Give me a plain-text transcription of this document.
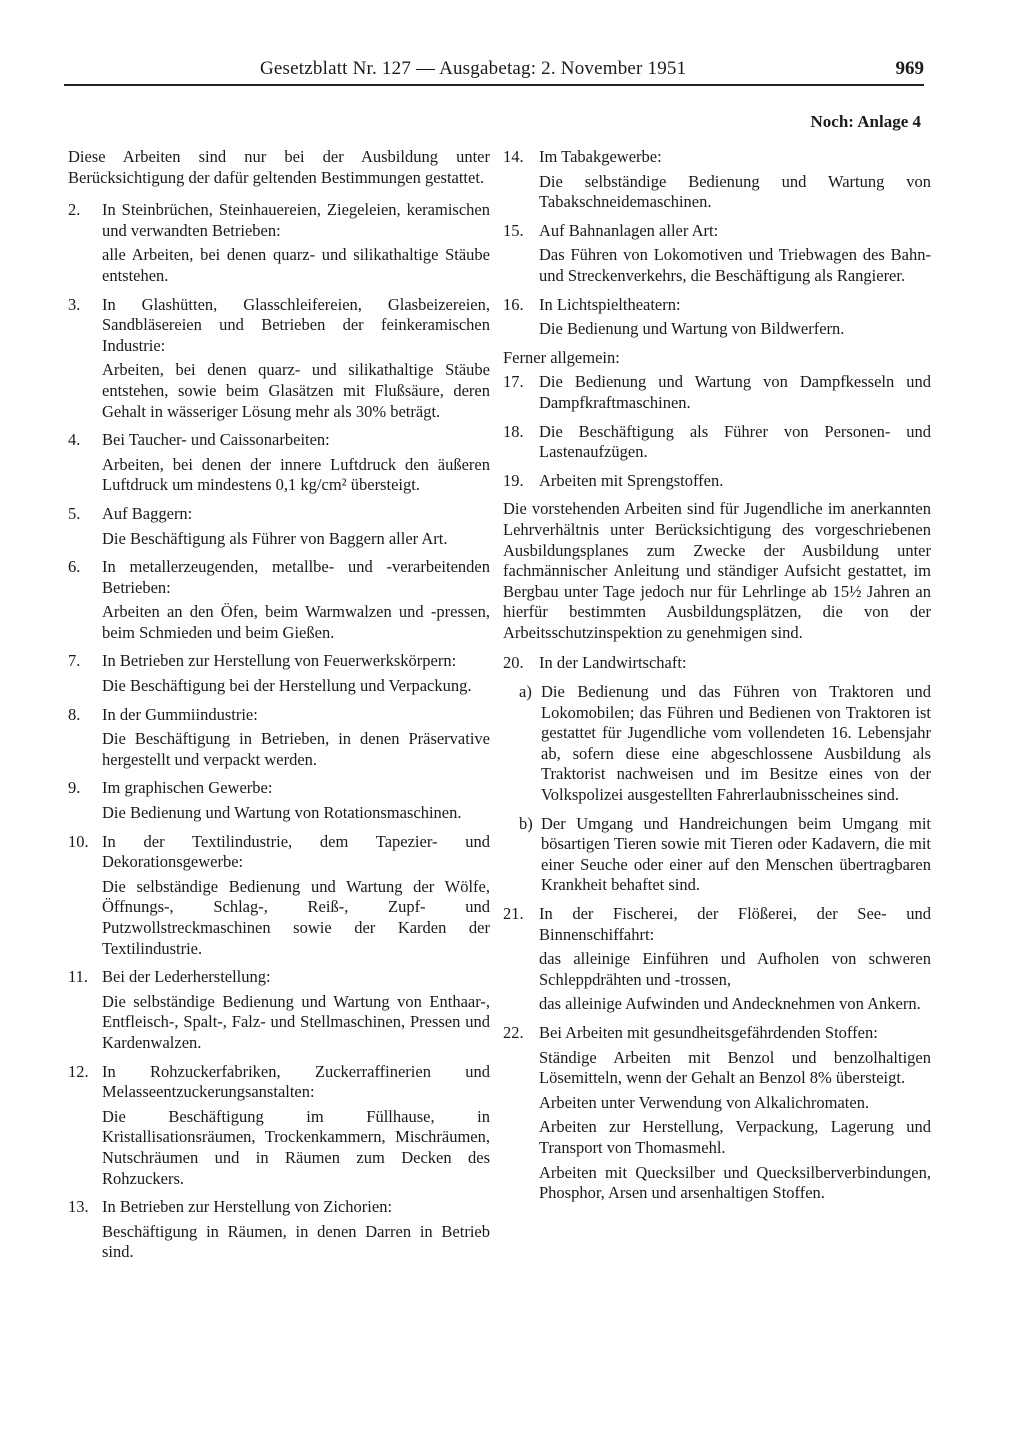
Gesetzblatt Nr. 127 — Ausgabetag: 2. November 1951	969
Noch: Anlage 4

Diese Arbeiten sind nur bei der Ausbildung unter Berücksichtigung der dafür geltenden Bestimmungen gestattet.

2.	In Steinbrüchen, Steinhauereien, Ziegeleien, keramischen und verwandten Betrieben:

alle Arbeiten, bei denen quarz- und silikathaltige Stäube entstehen.

3.	In Glashütten, Glasschleifereien, Glasbeizereien, Sandbläsereien und Betrieben der feinkeramischen Industrie:

Arbeiten, bei denen quarz- und silikathaltige Stäube entstehen, sowie beim Glasätzen mit Flußsäure, deren Gehalt in wässeriger Lösung mehr als 30% beträgt.

4.	Bei Taucher- und Caissonarbeiten:

Arbeiten, bei denen der innere Luftdruck den äußeren Luftdruck um mindestens 0,1 kg/cm² übersteigt.

5.	Auf Baggern:

Die Beschäftigung als Führer von Baggern aller Art.

6.	In metallerzeugenden, metallbe- und -verarbeitenden Betrieben:

Arbeiten an den Öfen, beim Warmwalzen und -pressen, beim Schmieden und beim Gießen.

7.	In Betrieben zur Herstellung von Feuerwerkskörpern:

Die Beschäftigung bei der Herstellung und Verpackung.

8.	In der Gummiindustrie:

Die Beschäftigung in Betrieben, in denen Präservative hergestellt und verpackt werden.

9.	Im graphischen Gewerbe:

Die Bedienung und Wartung von Rotationsmaschinen.

10. In der Textilindustrie, dem Tapezier- und Dekorationsgewerbe:

Die selbständige Bedienung und Wartung der Wölfe, Öffnungs-, Schlag-, Reiß-, Zupf- und Putzwollstreckmaschinen sowie der Karden der Textilindustrie.

11. Bei der Lederherstellung:

Die selbständige Bedienung und Wartung von Enthaar-, Entfleisch-, Spalt-, Falz- und Stellmaschinen, Pressen und Kardenwalzen.

12. In Rohzuckerfabriken, Zuckerraffinerien und Melasseentzuckerungsanstalten:

Die Beschäftigung im Füllhause, in Kristallisationsräumen, Trockenkammern, Mischräumen, Nutschräumen und in Räumen zum Decken des Rohzuckers.

13. In Betrieben zur Herstellung von Zichorien:

Beschäftigung in Räumen, in denen Darren in Betrieb sind.

14. Im Tabakgewerbe:

Die selbständige Bedienung und Wartung von Tabakschneidemaschinen.

15. Auf Bahnanlagen aller Art:

Das Führen von Lokomotiven und Triebwagen des Bahn- und Streckenverkehrs, die Beschäftigung als Rangierer.

16. In Lichtspieltheatern:

Die Bedienung und Wartung von Bildwerfern.

Ferner allgemein:

17. Die Bedienung und Wartung von Dampfkesseln und Dampfkraftmaschinen.

18. Die Beschäftigung als Führer von Personen- und Lastenaufzügen.

19. Arbeiten mit Sprengstoffen.

Die vorstehenden Arbeiten sind für Jugendliche im anerkannten Lehrverhältnis unter Berücksichtigung des vorgeschriebenen Ausbildungsplanes zum Zwecke der Ausbildung unter fachmännischer Anleitung und ständiger Aufsicht gestattet, im Bergbau unter Tage jedoch nur für Lehrlinge ab 15½ Jahren an hierfür bestimmten Ausbildungsplätzen, die von der Arbeitsschutzinspektion zu genehmigen sind.

20. In der Landwirtschaft:

a) Die Bedienung und das Führen von Traktoren und Lokomobilen; das Führen und Bedienen von Traktoren ist gestattet für Jugendliche vom vollendeten 16. Lebensjahr ab, sofern diese eine abgeschlossene Ausbildung als Traktorist nachweisen und im Besitze eines von der Volkspolizei ausgestellten Fahrerlaubnisscheines sind.
b) Der Umgang und Handreichungen beim Umgang mit bösartigen Tieren sowie mit Tieren oder Kadavern, die mit einer Seuche oder einer auf den Menschen übertragbaren Krankheit behaftet sind.
21. In der Fischerei, der Flößerei, der See- und Binnenschiffahrt:

das alleinige Einführen und Aufholen von schweren Schleppdrähten und -trossen,

das alleinige Aufwinden und Andecknehmen von Ankern.

22. Bei Arbeiten mit gesundheitsgefährdenden Stoffen:

Ständige Arbeiten mit Benzol und benzolhaltigen Lösemitteln, wenn der Gehalt an Benzol 8% übersteigt.

Arbeiten unter Verwendung von Alkalichromaten.

Arbeiten zur Herstellung, Verpackung, Lagerung und Transport von Thomasmehl.

Arbeiten mit Quecksilber und Quecksilberverbindungen, Phosphor, Arsen und arsenhaltigen Stoffen.
